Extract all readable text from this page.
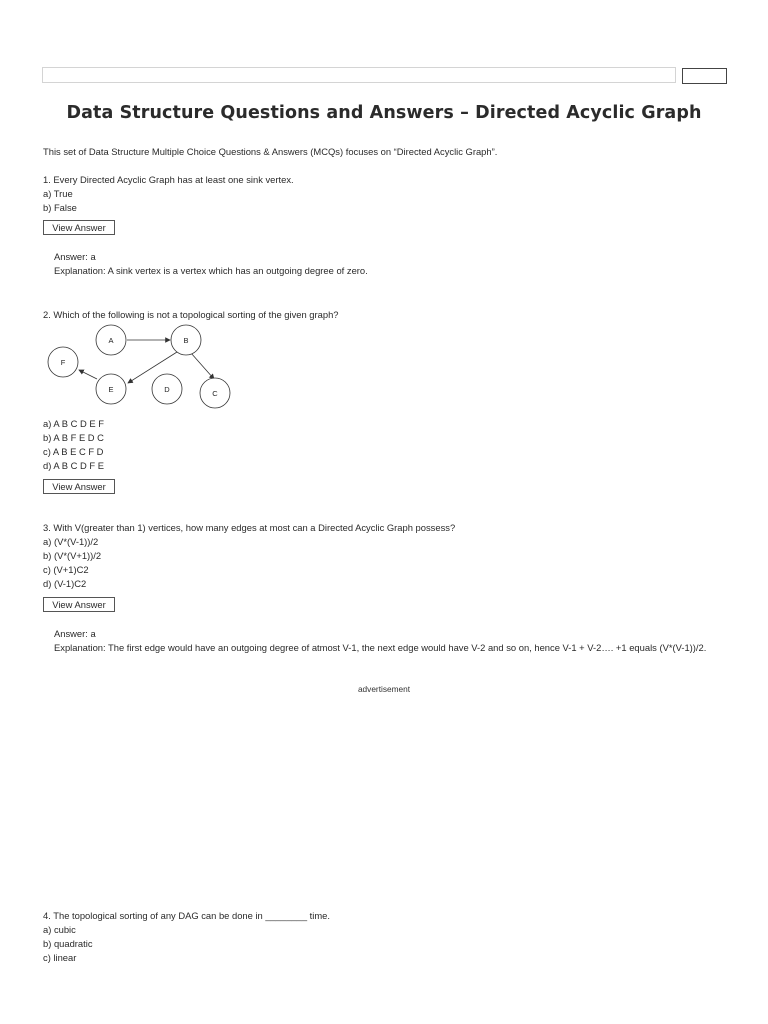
Data Structure Questions and Answers – Directed Acyclic Graph
This set of Data Structure Multiple Choice Questions & Answers (MCQs) focuses on “Directed Acyclic Graph”.
1. Every Directed Acyclic Graph has at least one sink vertex.
a) True
b) False
View Answer
Answer: a
Explanation: A sink vertex is a vertex which has an outgoing degree of zero.
2. Which of the following is not a topological sorting of the given graph?
A	B
F
E	D	C
a) A B C D E F
b) A B F E D C
c) A B E C F D
d) A B C D F E
View Answer
3. With V(greater than 1) vertices, how many edges at most can a Directed Acyclic Graph possess?
a) (V*(V-1))/2
b) (V*(V+1))/2
c) (V+1)C2
d) (V-1)C2
View Answer
Answer: a
Explanation: The first edge would have an outgoing degree of atmost V-1, the next edge would have V-2 and so on, hence V-1 + V-2…. +1 equals (V*(V-1))/2.
advertisement
4. The topological sorting of any DAG can be done in ________ time.
a) cubic
b) quadratic
c) linear
